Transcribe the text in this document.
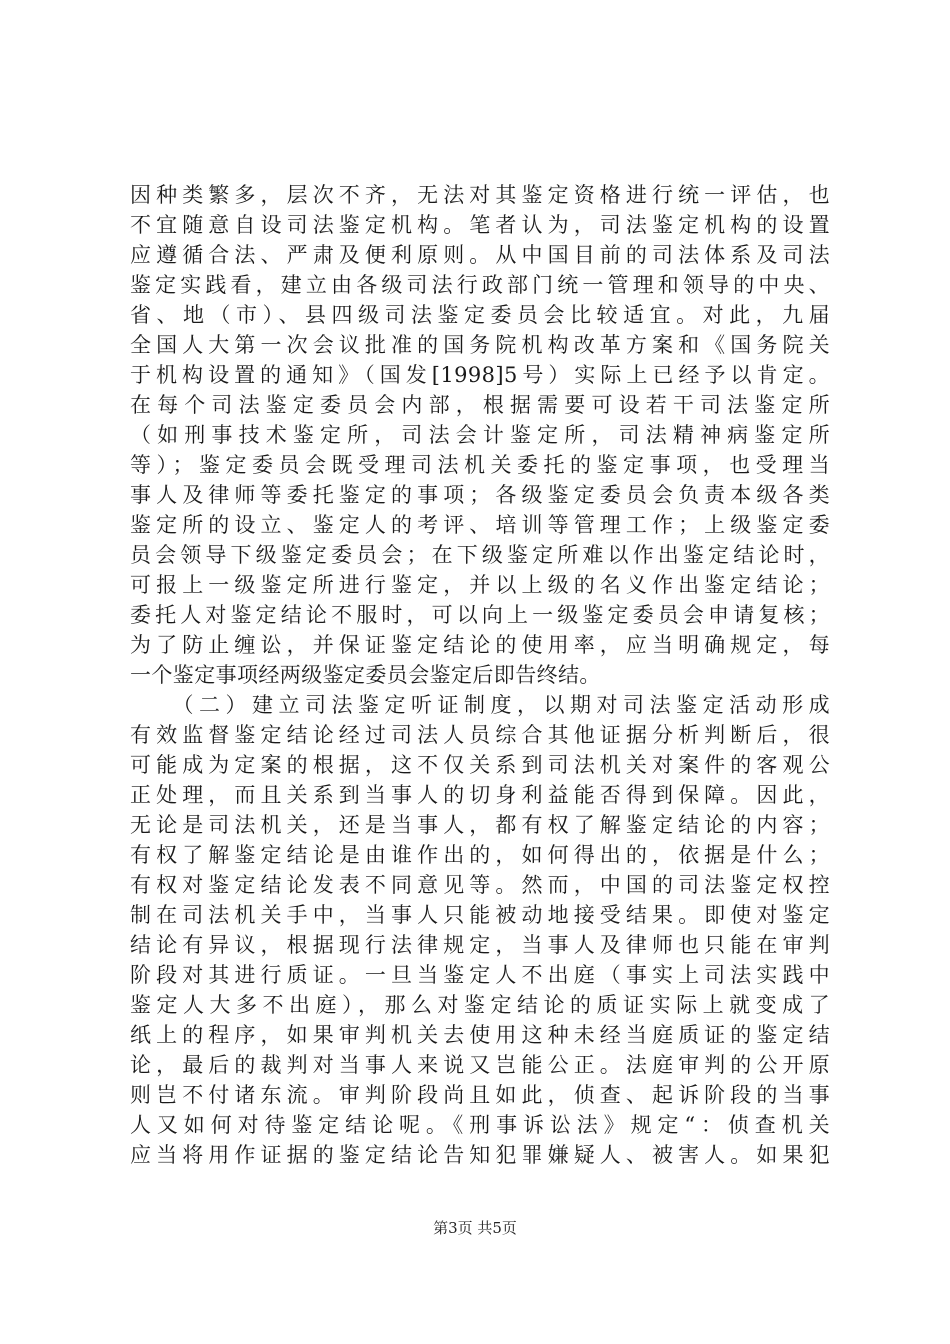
因种类繁多，层次不齐，无法对其鉴定资格进行统一评估，也
不宜随意自设司法鉴定机构。笔者认为，司法鉴定机构的设置
应遵循合法、严肃及便利原则。从中国目前的司法体系及司法
鉴定实践看，建立由各级司法行政部门统一管理和领导的中央、
省、地（市）、县四级司法鉴定委员会比较适宜。对此，九届
全国人大第一次会议批准的国务院机构改革方案和《国务院关
于机构设置的通知》（国发[1998]5号）实际上已经予以肯定。
在每个司法鉴定委员会内部，根据需要可设若干司法鉴定所
（如刑事技术鉴定所，司法会计鉴定所，司法精神病鉴定所
等）；鉴定委员会既受理司法机关委托的鉴定事项，也受理当
事人及律师等委托鉴定的事项；各级鉴定委员会负责本级各类
鉴定所的设立、鉴定人的考评、培训等管理工作；上级鉴定委
员会领导下级鉴定委员会；在下级鉴定所难以作出鉴定结论时，
可报上一级鉴定所进行鉴定，并以上级的名义作出鉴定结论；
委托人对鉴定结论不服时，可以向上一级鉴定委员会申请复核；
为了防止缠讼，并保证鉴定结论的使用率，应当明确规定，每
一个鉴定事项经两级鉴定委员会鉴定后即告终结。
　　（二）建立司法鉴定听证制度，以期对司法鉴定活动形成
有效监督鉴定结论经过司法人员综合其他证据分析判断后，很
可能成为定案的根据，这不仅关系到司法机关对案件的客观公
正处理，而且关系到当事人的切身利益能否得到保障。因此，
无论是司法机关，还是当事人，都有权了解鉴定结论的内容；
有权了解鉴定结论是由谁作出的，如何得出的，依据是什么；
有权对鉴定结论发表不同意见等。然而，中国的司法鉴定权控
制在司法机关手中，当事人只能被动地接受结果。即使对鉴定
结论有异议，根据现行法律规定，当事人及律师也只能在审判
阶段对其进行质证。一旦当鉴定人不出庭（事实上司法实践中
鉴定人大多不出庭），那么对鉴定结论的质证实际上就变成了
纸上的程序，如果审判机关去使用这种未经当庭质证的鉴定结
论，最后的裁判对当事人来说又岂能公正。法庭审判的公开原
则岂不付诸东流。审判阶段尚且如此，侦查、起诉阶段的当事
人又如何对待鉴定结论呢。《刑事诉讼法》规定“：侦查机关
应当将用作证据的鉴定结论告知犯罪嫌疑人、被害人。如果犯
第3页 共5页
